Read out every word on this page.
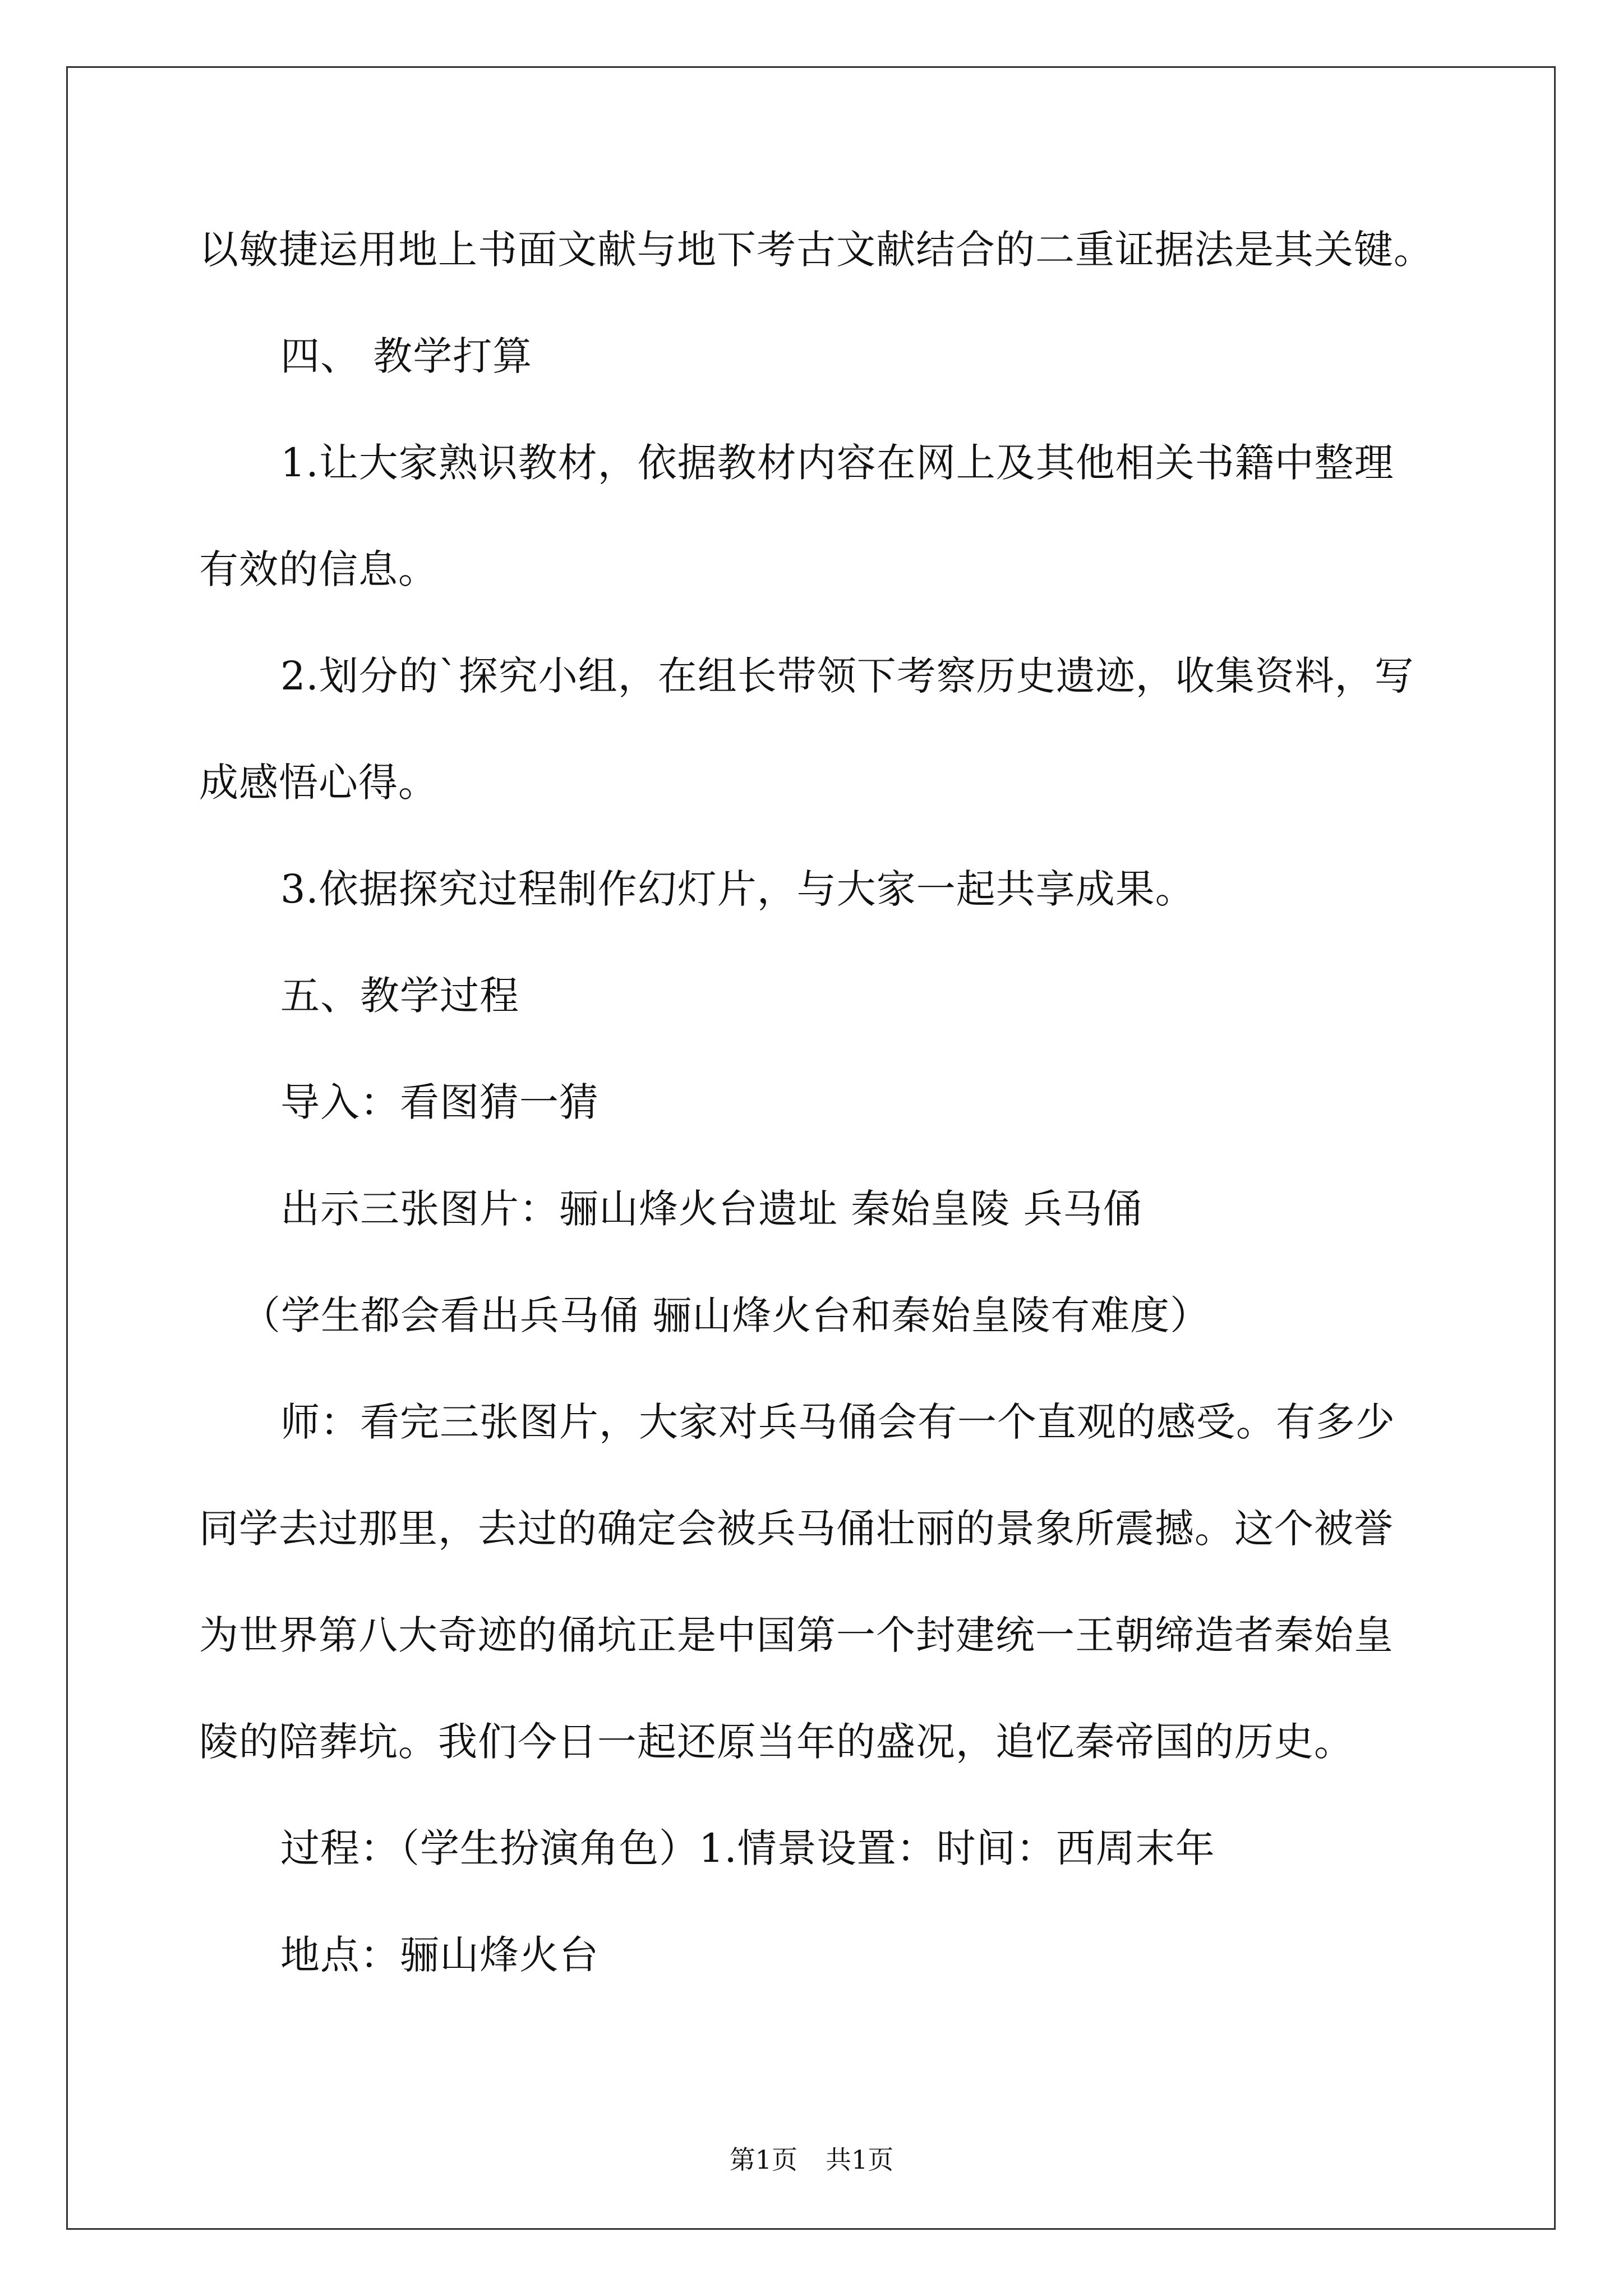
以敏捷运用地上书面文献与地下考古文献结合的二重证据法是其关键。
四、 教学打算
1.让大家熟识教材，依据教材内容在网上及其他相关书籍中整理
有效的信息。
2.划分的`探究小组，在组长带领下考察历史遗迹，收集资料，写
成感悟心得。
3.依据探究过程制作幻灯片，与大家一起共享成果。
五、教学过程
导入：看图猜一猜
出示三张图片：骊山烽火台遗址 秦始皇陵 兵马俑
（学生都会看出兵马俑 骊山烽火台和秦始皇陵有难度）
师：看完三张图片，大家对兵马俑会有一个直观的感受。有多少
同学去过那里，去过的确定会被兵马俑壮丽的景象所震撼。这个被誉
为世界第八大奇迹的俑坑正是中国第一个封建统一王朝缔造者秦始皇
陵的陪葬坑。我们今日一起还原当年的盛况，追忆秦帝国的历史。
过程：（学生扮演角色）1.情景设置：时间：西周末年
地点：骊山烽火台
第1页 共1页
